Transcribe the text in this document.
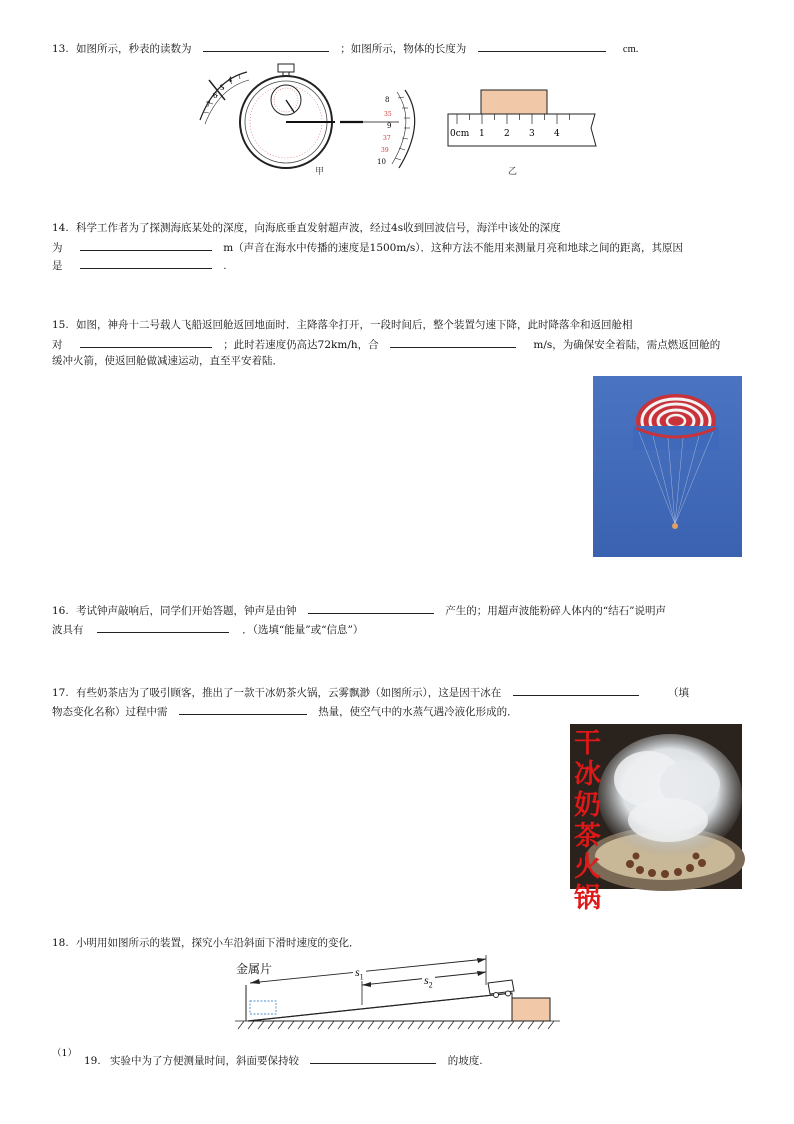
13. 如图所示，秒表的读数为	；如图所示，物体的长度为	cm.
4
5
6
7
8
35
9
37
39
10
甲
0cm 1 2 3 4
乙
14. 科学工作者为了探测海底某处的深度，向海底垂直发射超声波，经过4s收到回波信号，海洋中该处的深度
为	m（声音在海水中传播的速度是1500m/s）．这种方法不能用来测量月亮和地球之间的距离，其原因
是	.
15. 如图，神舟十二号载人飞船返回舱返回地面时．主降落伞打开，一段时间后，整个装置匀速下降，此时降落伞和返回舱相
对	；此时若速度仍高达72km/h，合	m/s，为确保安全着陆，需点燃返回舱的
缓冲火箭，使返回舱做减速运动，直至平安着陆．
16. 考试钟声敲响后，同学们开始答题，钟声是由钟	产生的；用超声波能粉碎人体内的“结石”说明声
波具有	．（选填“能量”或“信息”）
17. 有些奶茶店为了吸引顾客，推出了一款干冰奶茶火锅，云雾飘渺（如图所示），这是因干冰在	（填
物态变化名称）过程中需	热量，使空气中的水蒸气遇冷液化形成的．
干冰奶茶火锅
18. 小明用如图所示的装置，探究小车沿斜面下滑时速度的变化．
金属片	$s_1$	$s_2$
（1）
19. 实验中为了方便测量时间，斜面要保持较	的坡度.
